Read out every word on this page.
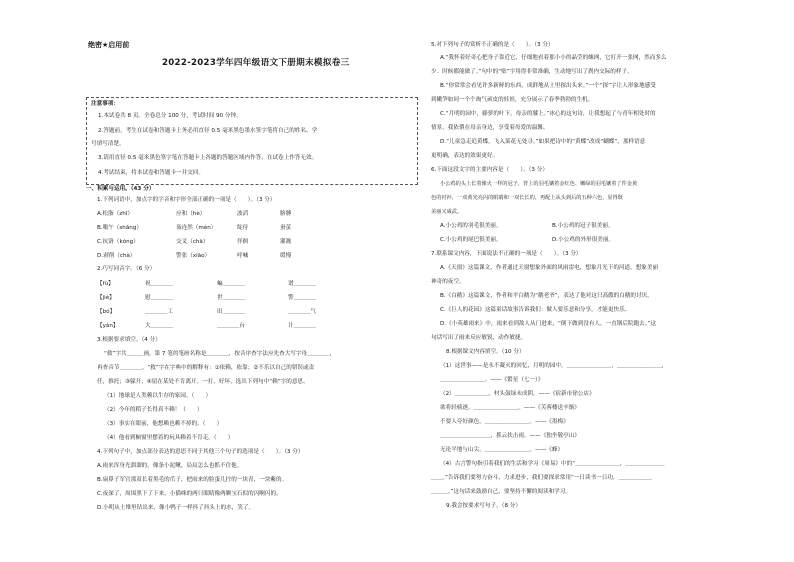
绝密★启用前
2022-2023学年四年级语文下册期末模拟卷三
注意事项：
1.本试卷共 8 页。全卷总分 100 分，考试时间 90 分钟。
2.答题前，考生在试卷和答题卡上务必用直径 0.5 毫米黑色墨水签字笔将自己的姓名、学
号填写清楚。
3.请用直径 0.5 毫米黑色签字笔在答题卡上各题的答题区域内作答，在试卷上作答无效。
4.考试结束，将本试卷和答题卡一并交回。
一、积累与运用。（43 分）
1.下列词语中，加点字的字音和字形全部正确的一项是（　　）。（3 分）
A.松脂（zhī）	应和（hè）	波滔	胳膊
B.嗡午（shǎng）	盔连然（mèn）	绽待	蚕茧
C.抗洛（kǒng）	交叉（chā）	徉徊	灌溉
D.剥削（chà）	警张（xiāo）	呼喊	缓慢
2.巧写同音字。（6 分）
【fù】	祝＿＿＿＿	蝙＿＿＿＿	谱＿＿＿＿
【jiè】	慰＿＿＿＿	世＿＿＿＿	警＿＿＿＿
【bó】	＿＿＿＿工	田＿＿＿＿	＿＿＿＿气
【yán】	大＿＿＿＿	＿＿＿＿台	计＿＿＿＿
3.根据要求填空。（4 分）
“救”字共＿＿＿画，第 7 笔的笔画名称是＿＿＿＿，按音序查字法应先查大写字母＿＿＿＿，
再查音节＿＿＿＿。“救”字在字典中的解释有：①依赖，依靠；②不乐以自己的错误或责
任，推托；③躲开；④留在某处不肯离开。一打，好坏，选出下列句中“赖”字的意思。
（1）地球是人类赖以生存的家园。（　　）
（2）今年的稻子长得真不赖！（　　）
（3）事实在眼前，他想赖也赖不掉的。（　　）
（4）他看到橱窗里摆着的玩具赖着不肯走。（　　）
4.下列句子中，加点部分表达的意思不同于其他三个句子的选项是（　　）。（3 分）
A.雨来浑身光溜溜的，像条小泥鳅，局局怎么也抓不住他。
B.扁鼻子军官那双长着黑毛的爪子，把雨来的脸蛋儿拧的一块青，一块紫的。
C.夜深了，周围黑下了下来，小猫咪的两只眼睛像两颗宝石似的闪啊闪的。
D.小明从土堆里钻出来，像小鸭子一样抖了抖头上的水，笑了。
5.对下列句子的赏析不正确的是（　　）。（3 分）
A.“我怀着好奇心把身子靠近它，仔细地看着那小小的晶莹的蛛网，它打开一张网，然而多么
少．时候都能做了。”句中的“贴”字用得非常准确，生动地写出了刹内交际的样子。
B.“你常常会看见许多新鲜的东西，成群地从土里探出头来。”一个“探”字让人形象地感受
到嫩笋如同一个个淘气顽皮的娃娃，充分展示了春季勃勃的生机。
C.“月明的园中，藤萝的叶下，母亲的膝上。”冰心的这句诗，让我想起了与青年相处时的
情景，我依偎在母亲身边，享受着母爱的温馨。
D.“儿童急走追黄蝶，飞入菜花无处寻。”如果把诗中的“黄蝶”改成“蝴蝶”，那样语意
更明确，表达的效果更好。
6.下面这段文字的主要内容是（　　）。（3 分）
小公鸡的头上长着像火一样的冠子，背上的羽毛镶着金红色、嫩绿的羽毛镶着了件金黄
色的衬衫，一双黄光亮闪的眼睛和一双长长的，再配上从头到后的五种六色，显得既
美丽又威武。
A.小公鸡的羽毛很美丽。	B.小公鸡的冠子很美丽。
C.小公鸡的尾巴很美丽。	D.小公鸡的外形很美丽。
7.联系课文内容，下面说法不正确的一项是（　　）。（3 分）
A.《天窗》这篇课文，作者通过天窗想象外面的风雨雷电，想象月光下的河道，想象美丽
神奇的夜空。
B.《白鹅》这篇课文，作者和平白鹅为“鹅老爷”，表达了他对这只高傲的白鹅的讨厌。
C.《巨人的花园》这篇童话故事告诉我们：做人要乐意和分享，才能更快乐。
D.《小英雄雨来》中，雨来看到敌人从门进来，“倒下做到没有人，一直钢后院跑去。”这
句话写出了雨来反应敏锐，动作敏捷。
8.根据课文内容填空。（10 分）
（1）这世事——是永不凝灭的回忆，月明的园中，＿＿＿＿＿＿＿＿，＿＿＿＿＿＿＿＿，
＿＿＿＿＿＿＿＿。——《繁星（七一）》
（2）＿＿＿＿＿＿，村头鼓绿未成阴。——《宿新市徐公店》
欲将轻骑逐，＿＿＿＿＿＿＿＿。——《芙蓉楼送辛渐》
不要人夸好颜色，＿＿＿＿＿＿＿＿。——《墨梅》
＿＿＿＿＿＿＿＿＿，抓云扶击雨。——《独坐敬亭山》
无论平地与山尖，＿＿＿＿＿＿＿＿。——《蜂》
（4）古言警句指引着我们的生活和学习《周易》中的“＿＿＿＿＿＿＿＿，＿＿＿＿＿＿＿
＿＿。”告诉我们要努力奋斗，力求进步，我们要探求常用“一日读书一日功，＿＿＿＿＿＿
＿＿＿。”这句话来鼓励自己，要坚持不懈的阅读和学习。
9.我会按要求写句子。（8 分）
